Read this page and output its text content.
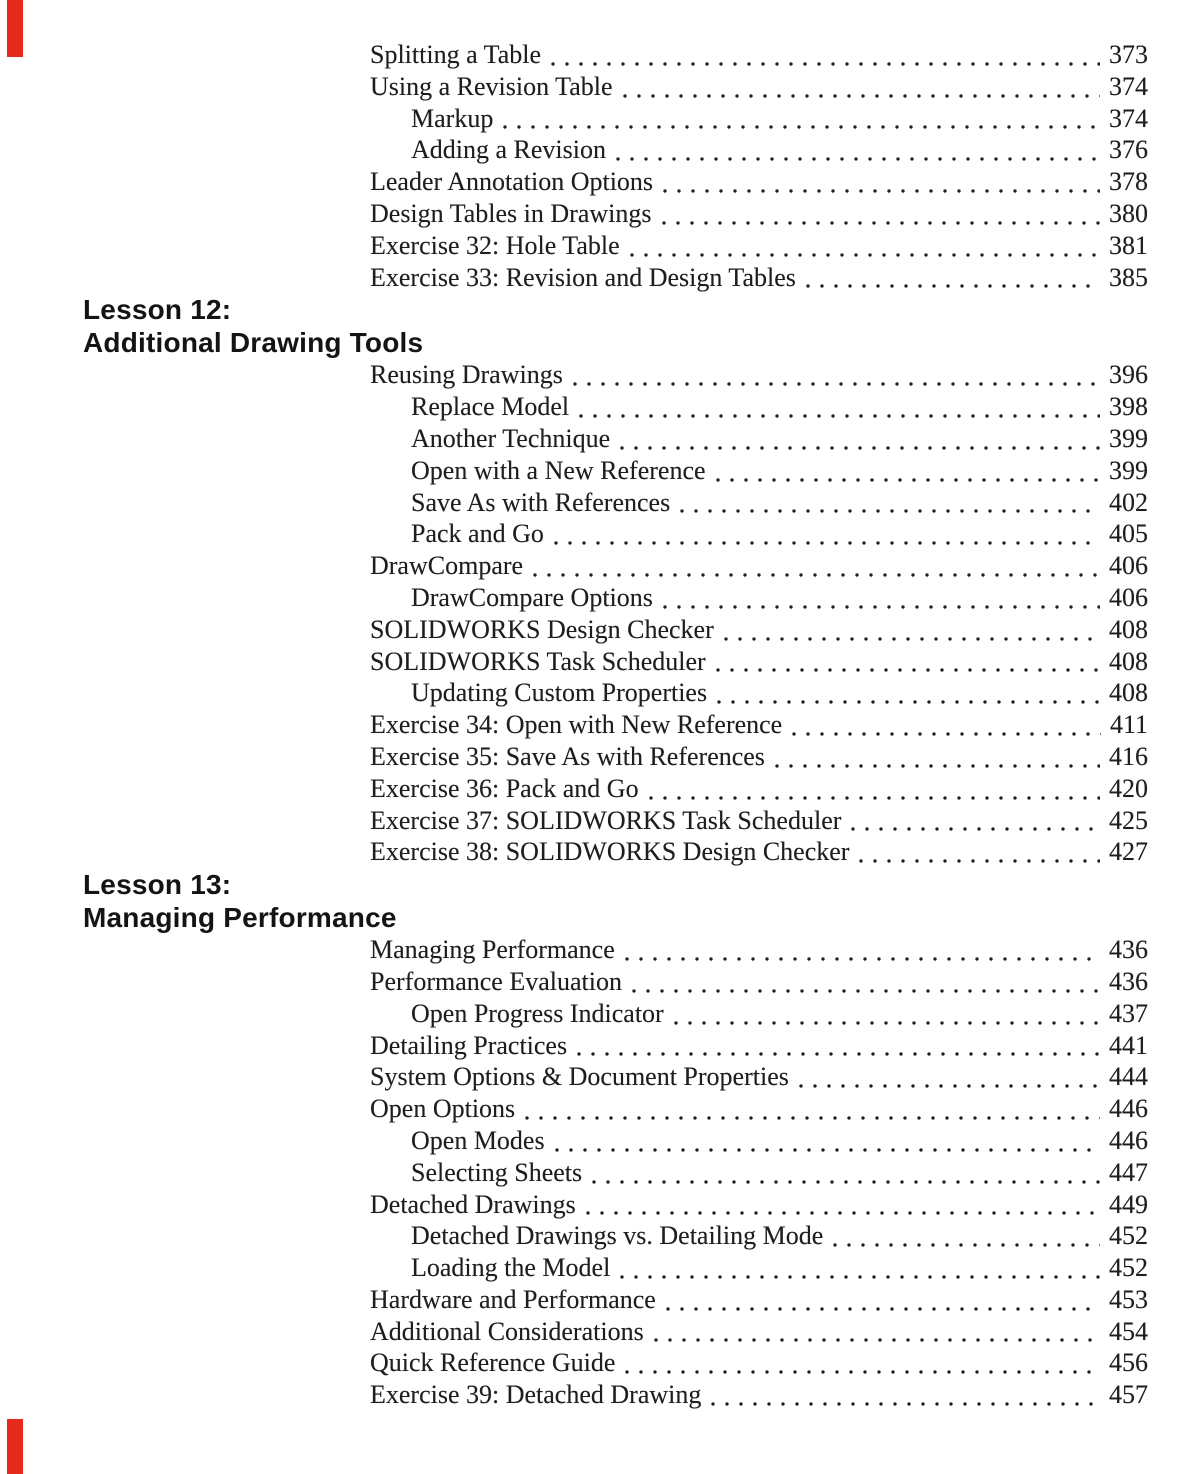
Splitting a Table	373
Using a Revision Table	374
Markup	374
Adding a Revision	376
Leader Annotation Options	378
Design Tables in Drawings	380
Exercise 32: Hole Table	381
Exercise 33: Revision and Design Tables	385
Lesson 12:
Additional Drawing Tools
Reusing Drawings	396
Replace Model	398
Another Technique	399
Open with a New Reference	399
Save As with References	402
Pack and Go	405
DrawCompare	406
DrawCompare Options	406
SOLIDWORKS Design Checker	408
SOLIDWORKS Task Scheduler	408
Updating Custom Properties	408
Exercise 34: Open with New Reference	411
Exercise 35: Save As with References	416
Exercise 36: Pack and Go	420
Exercise 37: SOLIDWORKS Task Scheduler	425
Exercise 38: SOLIDWORKS Design Checker	427
Lesson 13:
Managing Performance
Managing Performance	436
Performance Evaluation	436
Open Progress Indicator	437
Detailing Practices	441
System Options & Document Properties	444
Open Options	446
Open Modes	446
Selecting Sheets	447
Detached Drawings	449
Detached Drawings vs. Detailing Mode	452
Loading the Model	452
Hardware and Performance	453
Additional Considerations	454
Quick Reference Guide	456
Exercise 39: Detached Drawing	457
